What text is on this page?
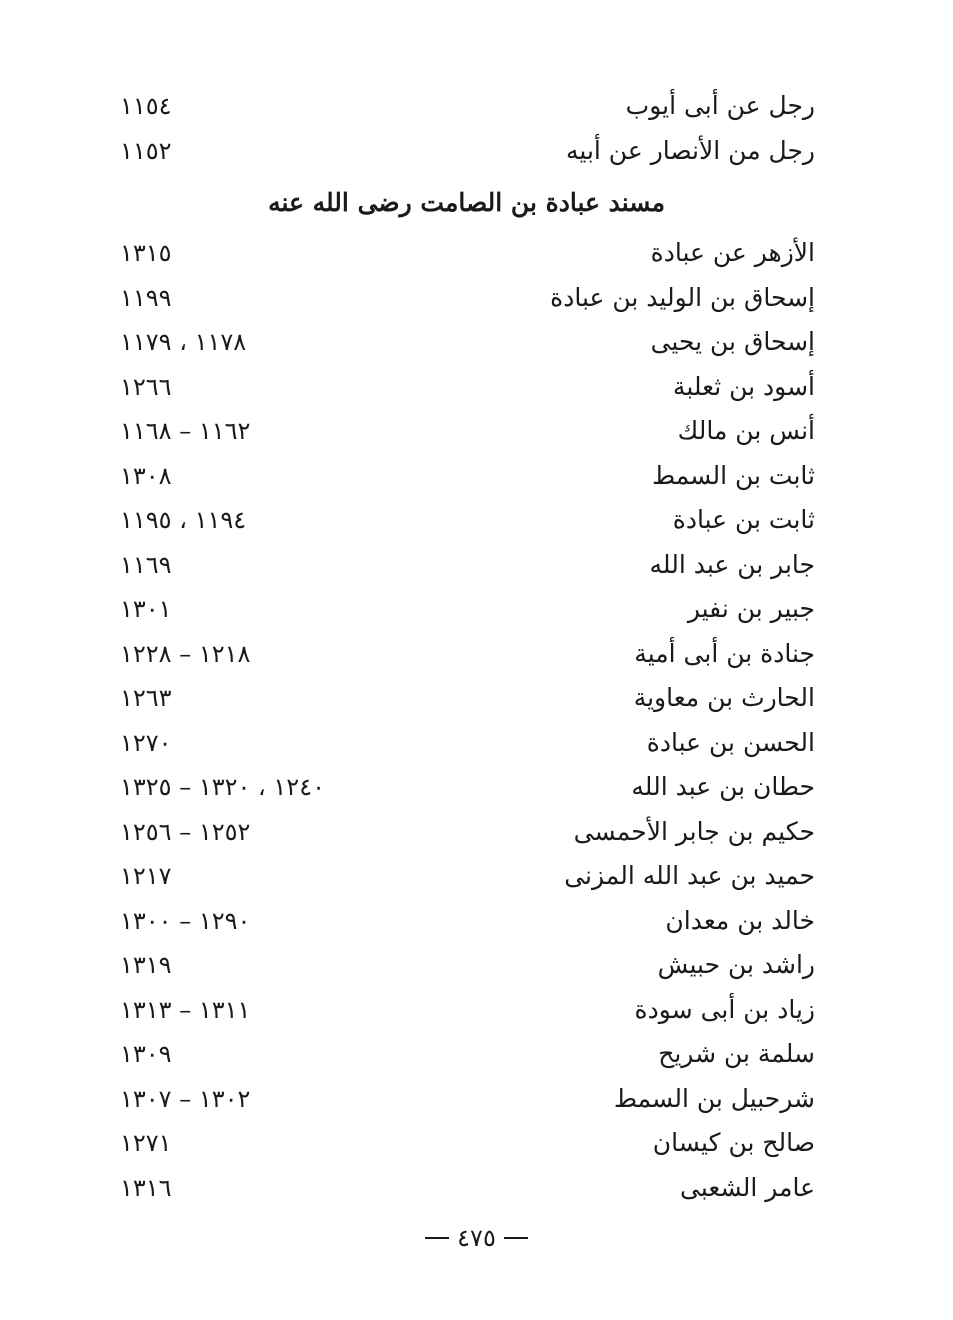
رجل عن أبى أيوب
١١٥٤
رجل من الأنصار عن أبيه
١١٥٢
مسند عبادة بن الصامت رضى الله عنه
الأزهر عن عبادة
١٣١٥
إسحاق بن الوليد بن عبادة
١١٩٩
إسحاق بن يحيى
١١٧٨ ، ١١٧٩
أسود بن ثعلبة
١٢٦٦
أنس بن مالك
١١٦٢ – ١١٦٨
ثابت بن السمط
١٣٠٨
ثابت بن عبادة
١١٩٤ ، ١١٩٥
جابر بن عبد الله
١١٦٩
جبير بن نفير
١٣٠١
جنادة بن أبى أمية
١٢١٨ – ١٢٢٨
الحارث بن معاوية
١٢٦٣
الحسن بن عبادة
١٢٧٠
حطان بن عبد الله
١٢٤٠ ، ١٣٢٠ – ١٣٢٥
حكيم بن جابر الأحمسى
١٢٥٢ – ١٢٥٦
حميد بن عبد الله المزنى
١٢١٧
خالد بن معدان
١٢٩٠ – ١٣٠٠
راشد بن حبيش
١٣١٩
زياد بن أبى سودة
١٣١١ – ١٣١٣
سلمة بن شريح
١٣٠٩
شرحبيل بن السمط
١٣٠٢ – ١٣٠٧
صالح بن كيسان
١٢٧١
عامر الشعبى
١٣١٦
٤٧٥
